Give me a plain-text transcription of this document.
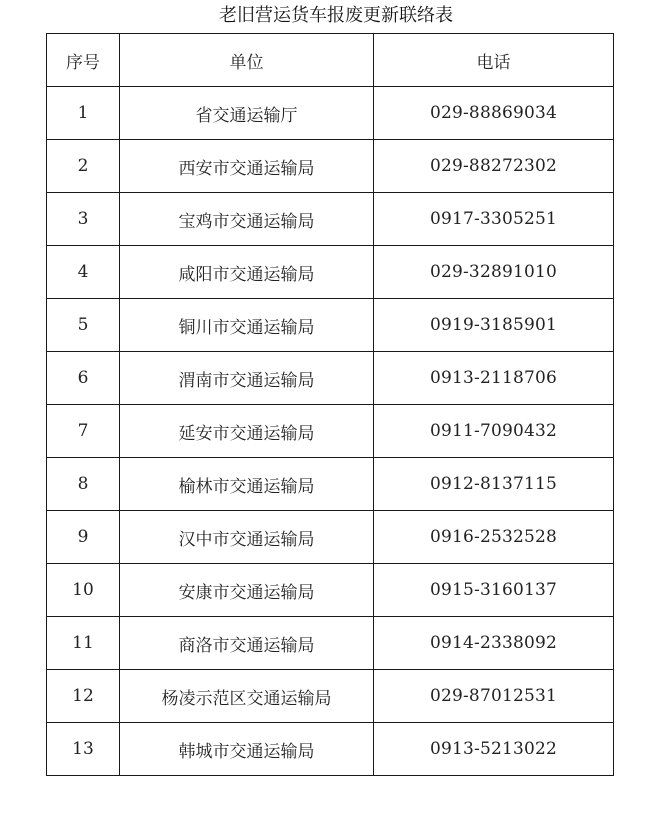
老旧营运货车报废更新联络表
序号	单位	电话
1	省交通运输厅	029-88869034
2	西安市交通运输局	029-88272302
3	宝鸡市交通运输局	0917-3305251
4	咸阳市交通运输局	029-32891010
5	铜川市交通运输局	0919-3185901
6	渭南市交通运输局	0913-2118706
7	延安市交通运输局	0911-7090432
8	榆林市交通运输局	0912-8137115
9	汉中市交通运输局	0916-2532528
10	安康市交通运输局	0915-3160137
11	商洛市交通运输局	0914-2338092
12	杨凌示范区交通运输局	029-87012531
13	韩城市交通运输局	0913-5213022
